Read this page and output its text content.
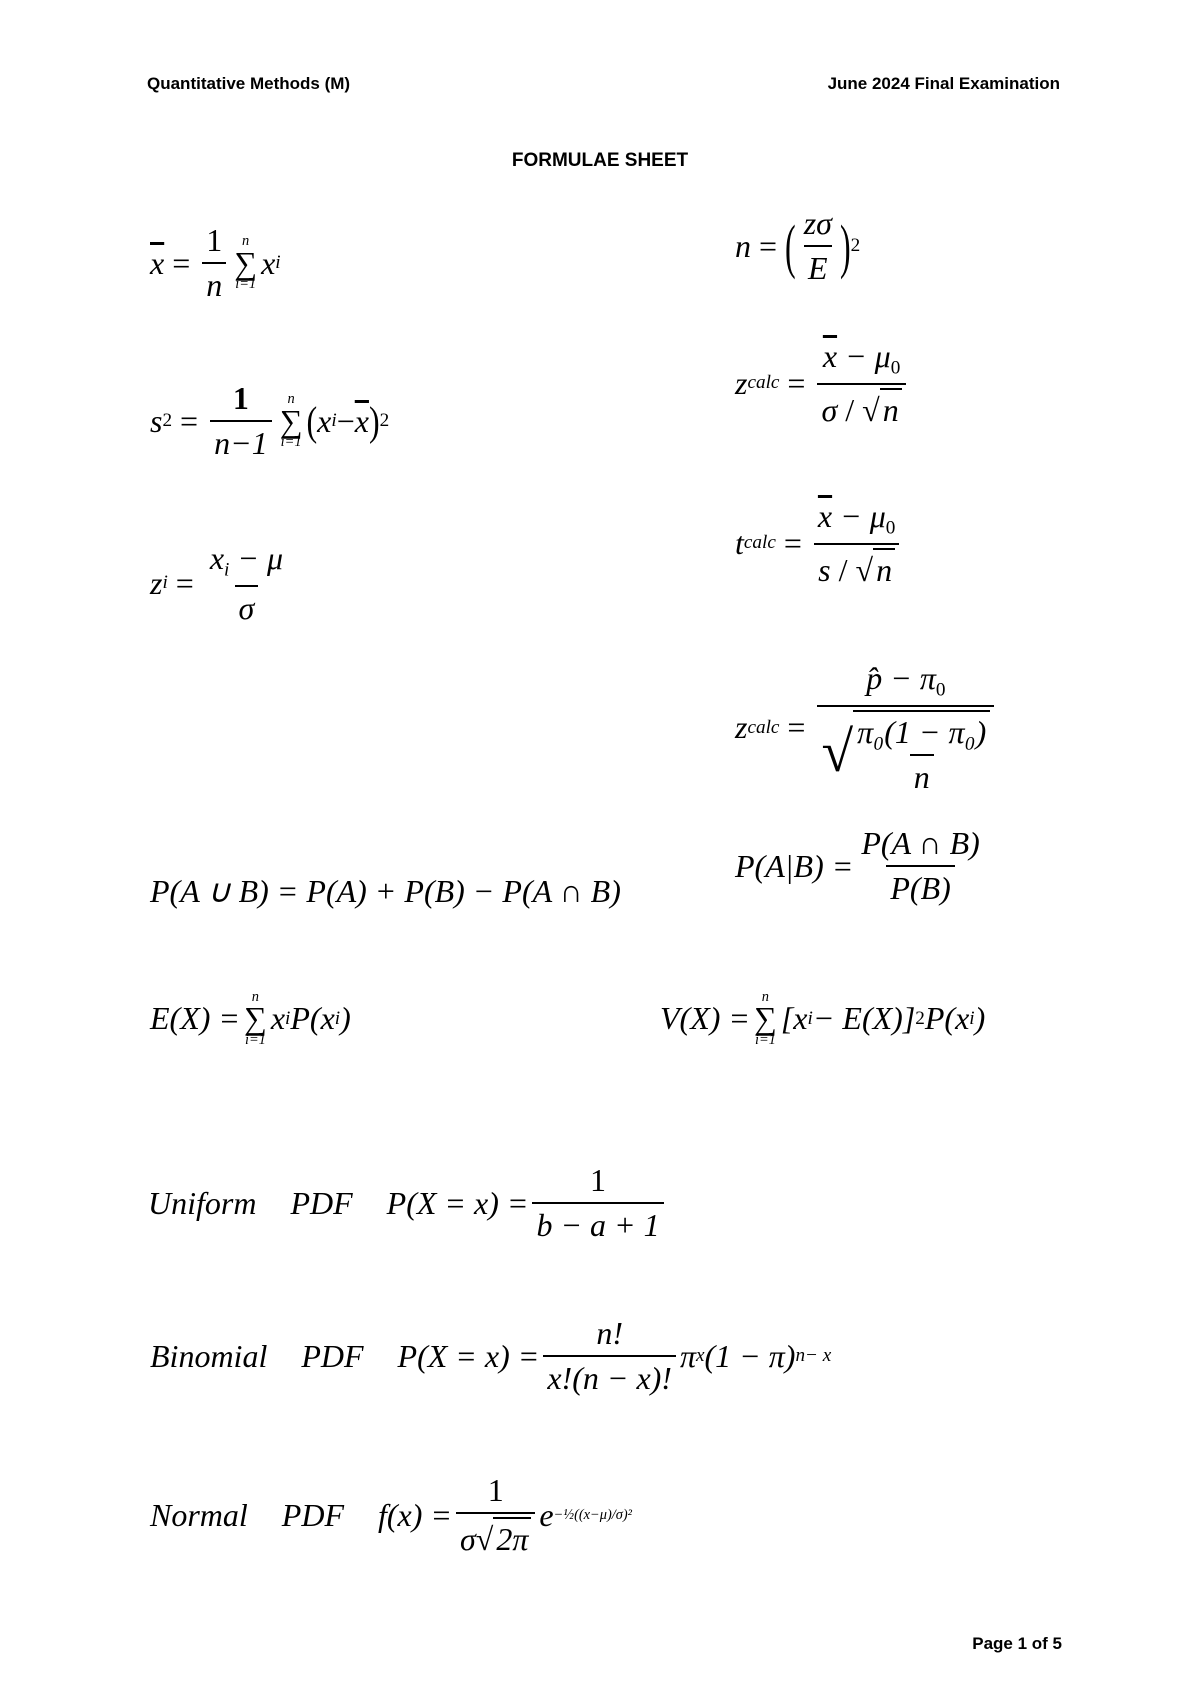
Quantitative Methods (M)	June 2024 Final Examination
FORMULAE SHEET
$\overline{x} = \frac{1}{n}$ n
∑
i=1
x i
s $2 = \frac{1}{n-1}$ n
∑
i=1 ( x $i - \overline{x}$ ) 2
z $i = \frac{x_i - \mu}{\sigma}$
n = ( $\frac{z\sigma}{E}$ ) 2
z calc = $\frac{\overline{x} - \mu_0}{\sigma / √ n}$
t calc = $\frac{\overline{x} - \mu_0}{s / √ n}$
z calc = $\frac{p̂ - \pi_0}{√ \frac{\text{π₀(1 − π₀)}}{n}}$
P(A ∪ B) = P(A) + P(B) − P(A ∩ B)
$P(A|B) = \frac{P(A \cap B)}{P(B)}$
E(X) =
n
∑
i=1
x i P(x i )	V(X) =
n
∑
i=1
[x i − E(X)] 2 P(x i )
Uniform PDF $P(X = x) = \frac{1}{b - a + 1}$
Binomial PDF $P(X = x) = \frac{n!}{x!(n - x)!}$ π x (1 − π) n− x
Normal PDF $f(x) = \frac{1}{\sigma √ 2\pi}$ e −½((x−μ)/σ)²
Page 1 of 5
